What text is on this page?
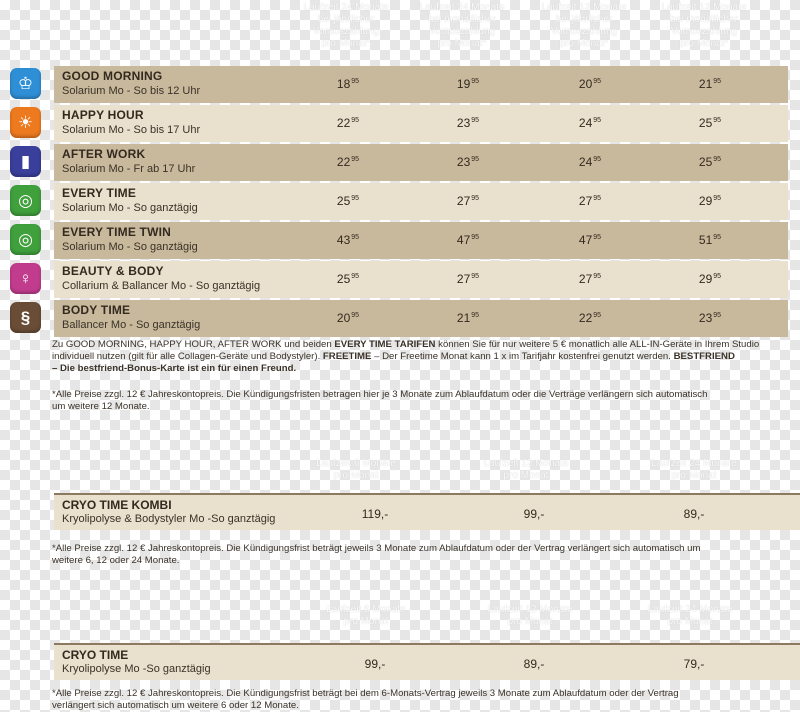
Laufzeit 24 Monate
bei jährlicher
Vorauszahlung
pro Monat*
Laufzeit 24 Monate
bei monatlicher
Vorauszahlung
pro Monat*
Laufzeit 12 Monate
bei jährlicher
Vorauszahlung
pro Monat*
Laufzeit 12 Monate
bei monatlicher
Vorauszahlung
pro Monat*
♔	GOOD MORNING
Solarium Mo - So bis 12 Uhr	$18^{95}$	$19^{95}$	$20^{95}$	$21^{95}$
☀	HAPPY HOUR
Solarium Mo - So bis 17 Uhr	$22^{95}$	$23^{95}$	$24^{95}$	$25^{95}$
▮	AFTER WORK
Solarium Mo - Fr ab 17 Uhr	$22^{95}$	$23^{95}$	$24^{95}$	$25^{95}$
◎	EVERY TIME
Solarium Mo - So ganztägig	$25^{95}$	$27^{95}$	$27^{95}$	$29^{95}$
◎	EVERY TIME TWIN
Solarium Mo - So ganztägig	$43^{95}$	$47^{95}$	$47^{95}$	$51^{95}$
♀	BEAUTY & BODY
Collarium & Ballancer Mo - So ganztägig	$25^{95}$	$27^{95}$	$27^{95}$	$29^{95}$
§	BODY TIME
Ballancer Mo - So ganztägig	$20^{95}$	$21^{95}$	$22^{95}$	$23^{95}$
Zu GOOD MORNING, HAPPY HOUR, AFTER WORK und beiden EVERY TIME TARIFEN können Sie für nur weitere 5 € monatlich alle ALL-IN-Geräte in Ihrem Studio
individuell nutzen (gilt für alle Collagen-Geräte und Bodystyler). FREETIME – Der Freetime Monat kann 1 x im Tarifjahr kostenfrei genutzt werden. BESTFRIEND
– Die bestfriend-Bonus-Karte ist ein für einen Freund.
*Alle Preise zzgl. 12 € Jahreskontopreis. Die Kündigungsfristen betragen hier je 3 Monate zum Ablaufdatum oder die Verträge verlängern sich automatisch
um weitere 12 Monate.
Laufzeit 6 Monate
pro Monat
Laufzeit 12 Monate
pro Monat
Laufzeit 24 Monate
pro Monat
CRYO TIME KOMBI
Kryolipolyse & Bodystyler Mo -So ganztägig	119,-	99,-	89,-
*Alle Preise zzgl. 12 € Jahreskontopreis. Die Kündigungsfrist beträgt jeweils 3 Monate zum Ablaufdatum oder der Vertrag verlängert sich automatisch um
weitere 6, 12 oder 24 Monate.
Laufzeit 6 Monate
pro Monat
Laufzeit 12 Monate
pro Monat
Laufzeit 24 Monate
pro Monat
CRYO TIME
Kryolipolyse Mo -So ganztägig	99,-	89,-	79,-
*Alle Preise zzgl. 12 € Jahreskontopreis. Die Kündigungsfrist beträgt bei dem 6-Monats-Vertrag jeweils 3 Monate zum Ablaufdatum oder der Vertrag
verlängert sich automatisch um weitere 6 oder 12 Monate.
